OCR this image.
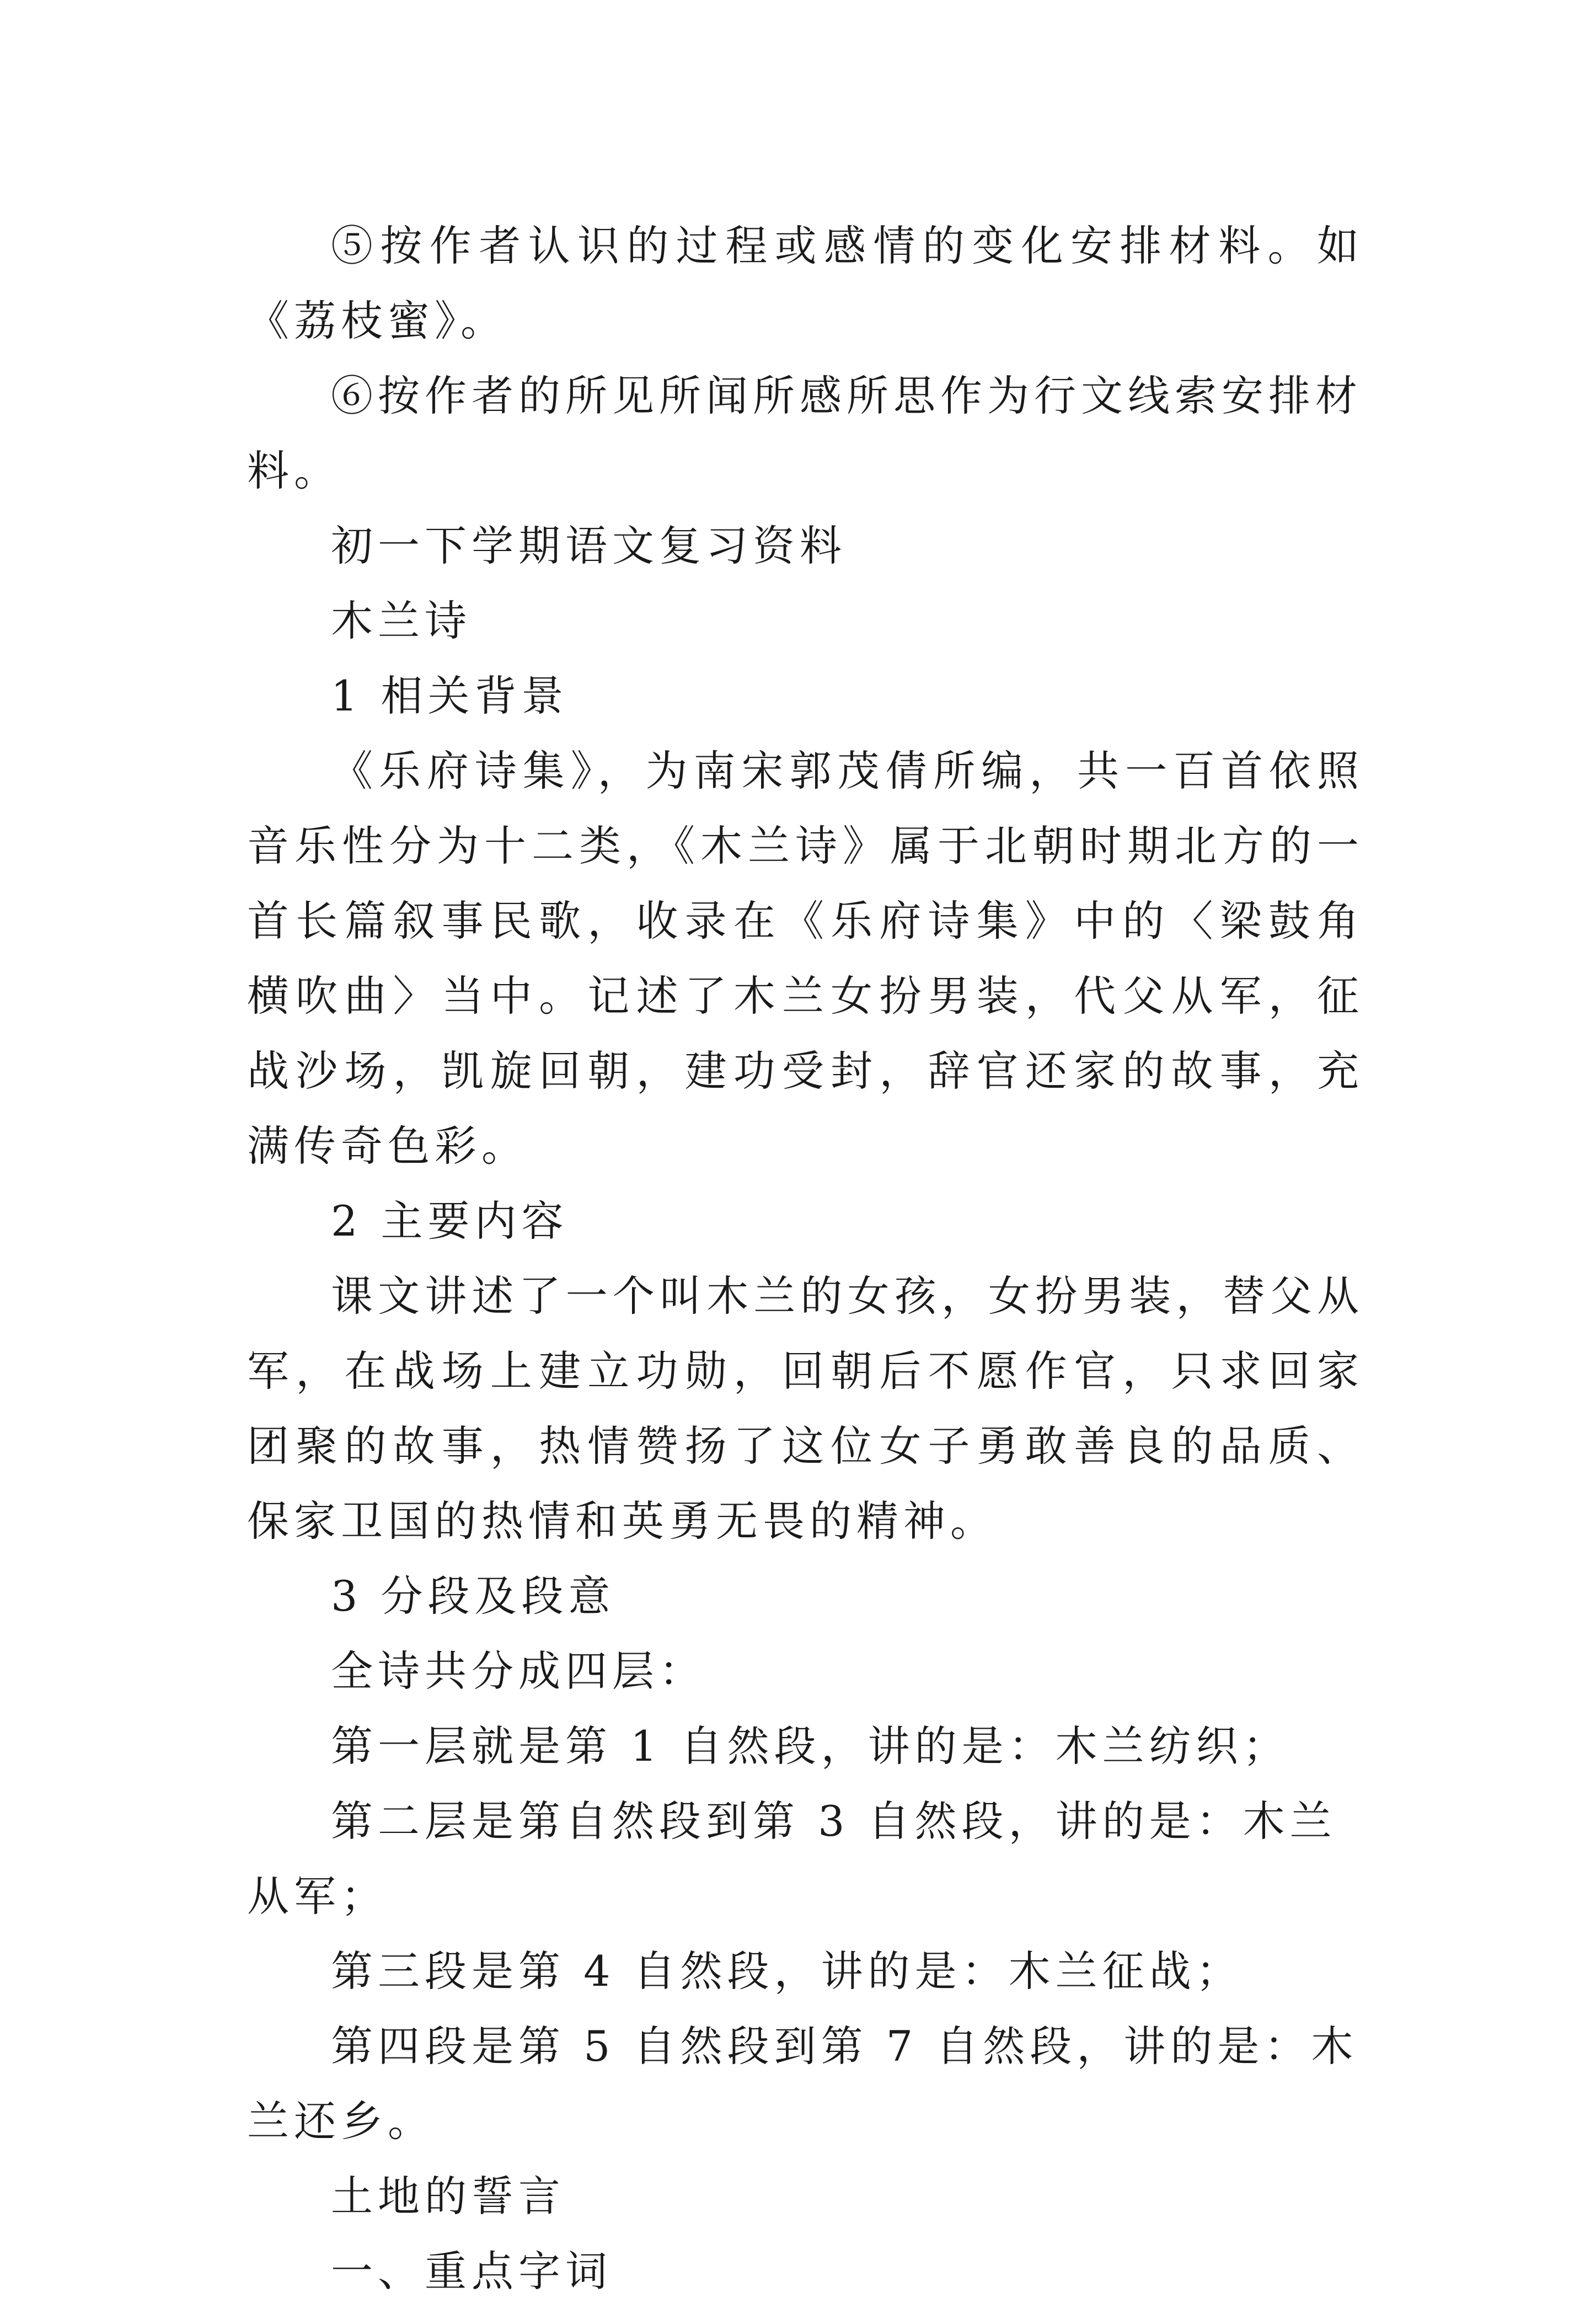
⑤按作者认识的过程或感情的变化安排材料。如《荔枝蜜》。

⑥按作者的所见所闻所感所思作为行文线索安排材料。

初一下学期语文复习资料

木兰诗

1 相关背景

《乐府诗集》，为南宋郭茂倩所编，共一百首依照音乐性分为十二类，《木兰诗》属于北朝时期北方的一首长篇叙事民歌，收录在《乐府诗集》中的〈梁鼓角横吹曲〉当中。记述了木兰女扮男装，代父从军，征战沙场，凯旋回朝，建功受封，辞官还家的故事，充满传奇色彩。

2 主要内容

课文讲述了一个叫木兰的女孩，女扮男装，替父从军，在战场上建立功勋，回朝后不愿作官，只求回家团聚的故事，热情赞扬了这位女子勇敢善良的品质、保家卫国的热情和英勇无畏的精神。

3 分段及段意

全诗共分成四层：

第一层就是第 1 自然段，讲的是：木兰纺织；

第二层是第自然段到第 3 自然段，讲的是：木兰从军；

第三段是第 4 自然段，讲的是：木兰征战；

第四段是第 5 自然段到第 7 自然段，讲的是：木兰还乡。

土地的誓言

一、重点字词
